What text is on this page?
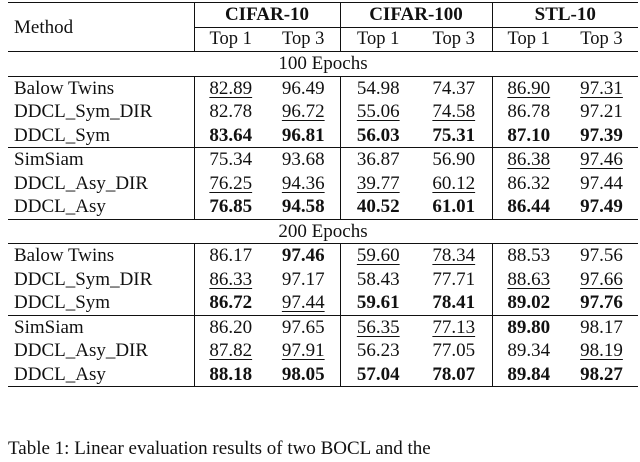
Method	CIFAR-10		CIFAR-100		STL-10	
	Top 1	Top 3	Top 1	Top 3	Top 1	Top 3
100 Epochs						
Balow Twins	82.89	96.49	54.98	74.37	86.90	97.31
DDCL_Sym_DIR	82.78	96.72	55.06	74.58	86.78	97.21
DDCL_Sym	83.64	96.81	56.03	75.31	87.10	97.39
SimSiam	75.34	93.68	36.87	56.90	86.38	97.46
DDCL_Asy_DIR	76.25	94.36	39.77	60.12	86.32	97.44
DDCL_Asy	76.85	94.58	40.52	61.01	86.44	97.49
200 Epochs						
Balow Twins	86.17	97.46	59.60	78.34	88.53	97.56
DDCL_Sym_DIR	86.33	97.17	58.43	77.71	88.63	97.66
DDCL_Sym	86.72	97.44	59.61	78.41	89.02	97.76
SimSiam	86.20	97.65	56.35	77.13	89.80	98.17
DDCL_Asy_DIR	87.82	97.91	56.23	77.05	89.34	98.19
DDCL_Asy	88.18	98.05	57.04	78.07	89.84	98.27
Table 1: Linear evaluation results of two BOCL and the
